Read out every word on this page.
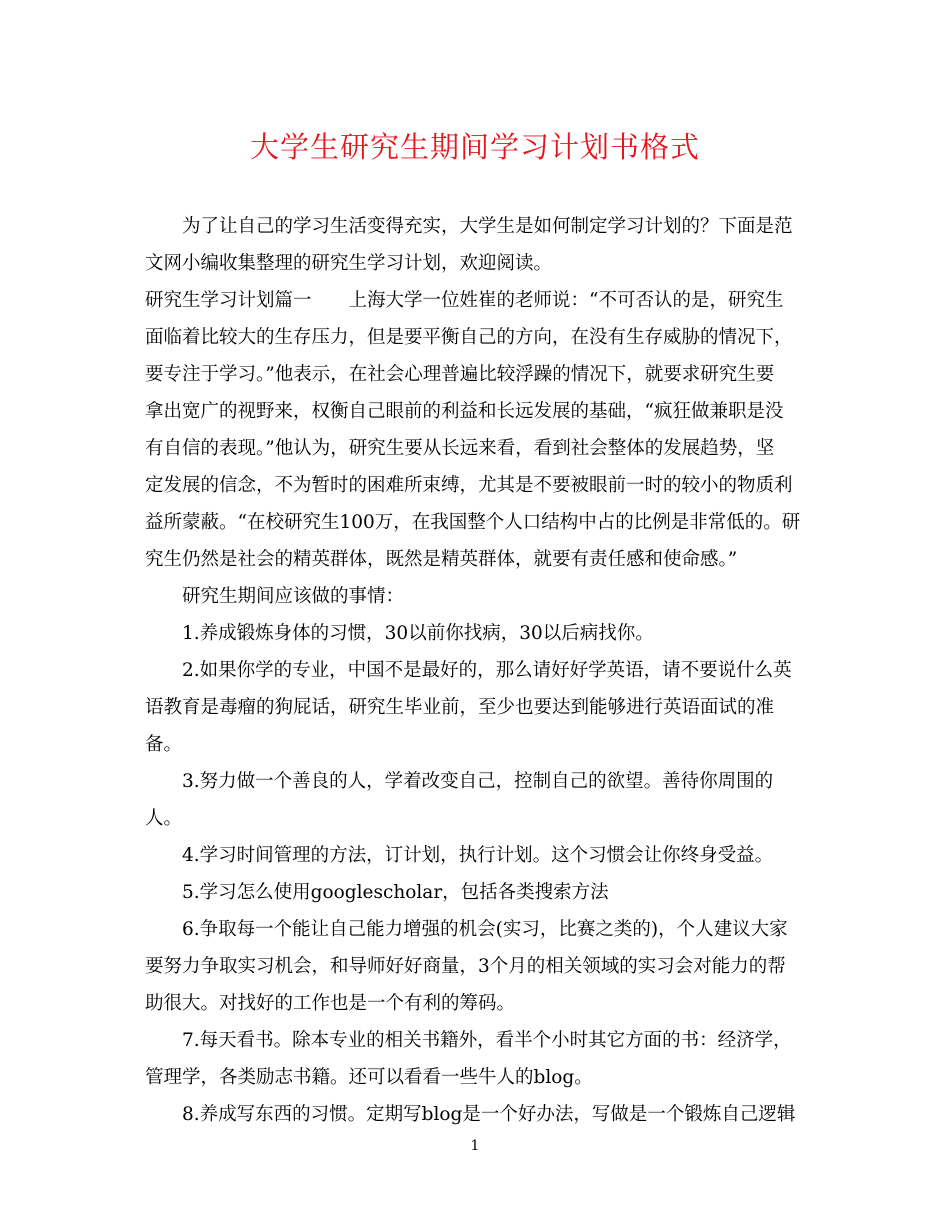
大学生研究生期间学习计划书格式
为了让自己的学习生活变得充实，大学生是如何制定学习计划的？下面是范
文网小编收集整理的研究生学习计划，欢迎阅读。
研究生学习计划篇一 上海大学一位姓崔的老师说：“不可否认的是，研究生
面临着比较大的生存压力，但是要平衡自己的方向，在没有生存威胁的情况下，
要专注于学习。”他表示，在社会心理普遍比较浮躁的情况下，就要求研究生要
拿出宽广的视野来，权衡自己眼前的利益和长远发展的基础，“疯狂做兼职是没
有自信的表现。”他认为，研究生要从长远来看，看到社会整体的发展趋势，坚
定发展的信念，不为暂时的困难所束缚，尤其是不要被眼前一时的较小的物质利
益所蒙蔽。“在校研究生100万，在我国整个人口结构中占的比例是非常低的。研
究生仍然是社会的精英群体，既然是精英群体，就要有责任感和使命感。”
研究生期间应该做的事情：
1.养成锻炼身体的习惯，30以前你找病，30以后病找你。
2.如果你学的专业，中国不是最好的，那么请好好学英语，请不要说什么英
语教育是毒瘤的狗屁话，研究生毕业前，至少也要达到能够进行英语面试的准
备。
3.努力做一个善良的人，学着改变自己，控制自己的欲望。善待你周围的
人。
4.学习时间管理的方法，订计划，执行计划。这个习惯会让你终身受益。
5.学习怎么使用googlescholar，包括各类搜索方法
6.争取每一个能让自己能力增强的机会(实习，比赛之类的)，个人建议大家
要努力争取实习机会，和导师好好商量，3个月的相关领域的实习会对能力的帮
助很大。对找好的工作也是一个有利的筹码。
7.每天看书。除本专业的相关书籍外，看半个小时其它方面的书：经济学，
管理学，各类励志书籍。还可以看看一些牛人的blog。
8.养成写东西的习惯。定期写blog是一个好办法，写做是一个锻炼自己逻辑
1
